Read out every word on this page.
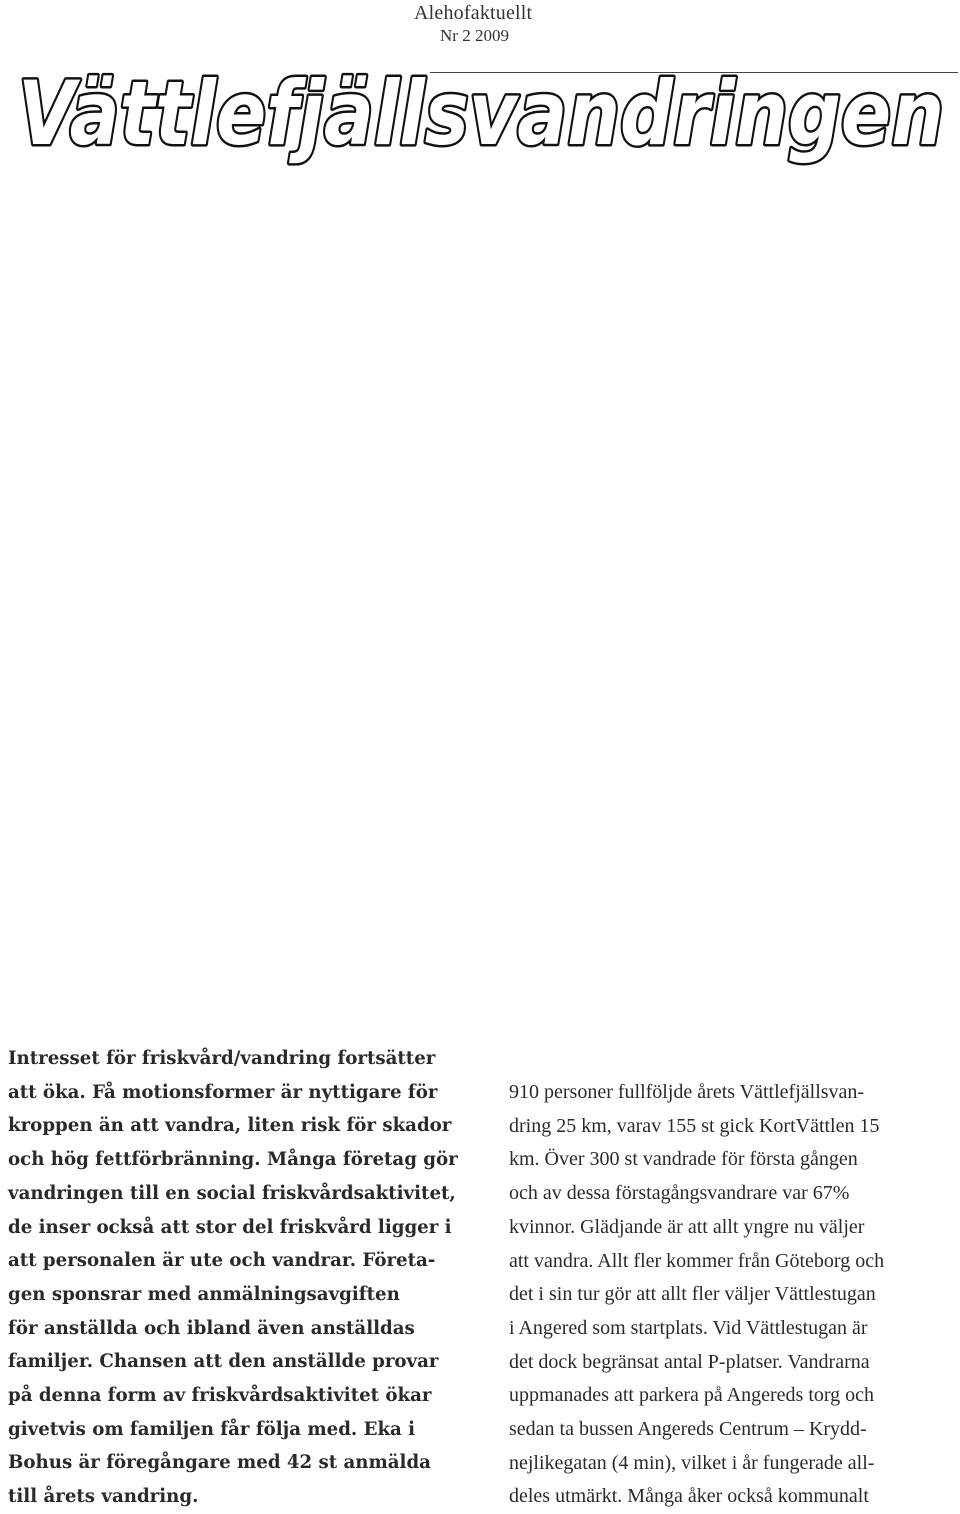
Alehofaktuellt
Nr 2 2009
Vättlefjällsvandringen
Intresset för friskvård/vandring fortsätter
att öka. Få motionsformer är nyttigare för
kroppen än att vandra, liten risk för skador
och hög fettförbränning. Många företag gör
vandringen till en social friskvårdsaktivitet,
de inser också att stor del friskvård ligger i
att personalen är ute och vandrar. Företa-
gen sponsrar med anmälningsavgiften
för anställda och ibland även anställdas
familjer. Chansen att den anställde provar
på denna form av friskvårdsaktivitet ökar
givetvis om familjen får följa med. Eka i
Bohus är föregångare med 42 st anmälda
till årets vandring.
910 personer fullföljde årets Vättlefjällsvan-
dring 25 km, varav 155 st gick KortVättlen 15
km. Över 300 st vandrade för första gången
och av dessa förstagångsvandrare var 67%
kvinnor. Glädjande är att allt yngre nu väljer
att vandra. Allt fler kommer från Göteborg och
det i sin tur gör att allt fler väljer Vättlestugan
i Angered som startplats. Vid Vättlestugan är
det dock begränsat antal P-platser. Vandrarna
uppmanades att parkera på Angereds torg och
sedan ta bussen Angereds Centrum – Krydd-
nejlikegatan (4 min), vilket i år fungerade all-
deles utmärkt. Många åker också kommunalt
